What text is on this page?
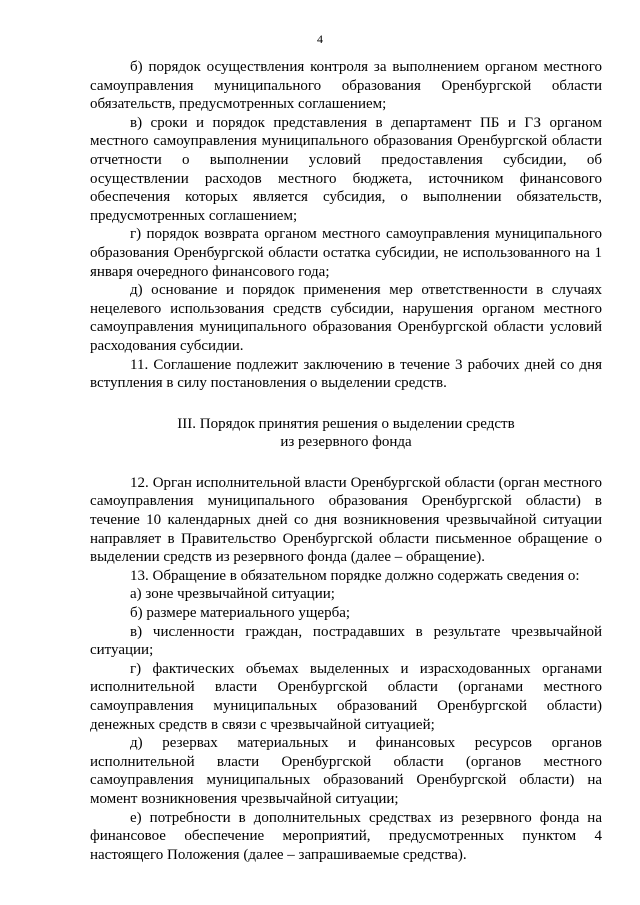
4

б) порядок осуществления контроля за выполнением органом местного самоуправления муниципального образования Оренбургской области обязательств, предусмотренных соглашением;

в) сроки и порядок представления в департамент ПБ и ГЗ органом местного самоуправления муниципального образования Оренбургской области отчетности о выполнении условий предоставления субсидии, об осуществлении расходов местного бюджета, источником финансового обеспечения которых является субсидия, о выполнении обязательств, предусмотренных соглашением;

г) порядок возврата органом местного самоуправления муниципального образования Оренбургской области остатка субсидии, не использованного на 1 января очередного финансового года;

д) основание и порядок применения мер ответственности в случаях нецелевого использования средств субсидии, нарушения органом местного самоуправления муниципального образования Оренбургской области условий расходования субсидии.

11. Соглашение подлежит заключению в течение 3 рабочих дней со дня вступления в силу постановления о выделении средств.

III. Порядок принятия решения о выделении средств
из резервного фонда

12. Орган исполнительной власти Оренбургской области (орган местного самоуправления муниципального образования Оренбургской области) в течение 10 календарных дней со дня возникновения чрезвычайной ситуации направляет в Правительство Оренбургской области письменное обращение о выделении средств из резервного фонда (далее – обращение).

13. Обращение в обязательном порядке должно содержать сведения о:

а) зоне чрезвычайной ситуации;

б) размере материального ущерба;

в) численности граждан, пострадавших в результате чрезвычайной ситуации;

г) фактических объемах выделенных и израсходованных органами исполнительной власти Оренбургской области (органами местного самоуправления муниципальных образований Оренбургской области) денежных средств в связи с чрезвычайной ситуацией;

д) резервах материальных и финансовых ресурсов органов исполнительной власти Оренбургской области (органов местного самоуправления муниципальных образований Оренбургской области) на момент возникновения чрезвычайной ситуации;

е) потребности в дополнительных средствах из резервного фонда на финансовое обеспечение мероприятий, предусмотренных пунктом 4 настоящего Положения (далее – запрашиваемые средства).
